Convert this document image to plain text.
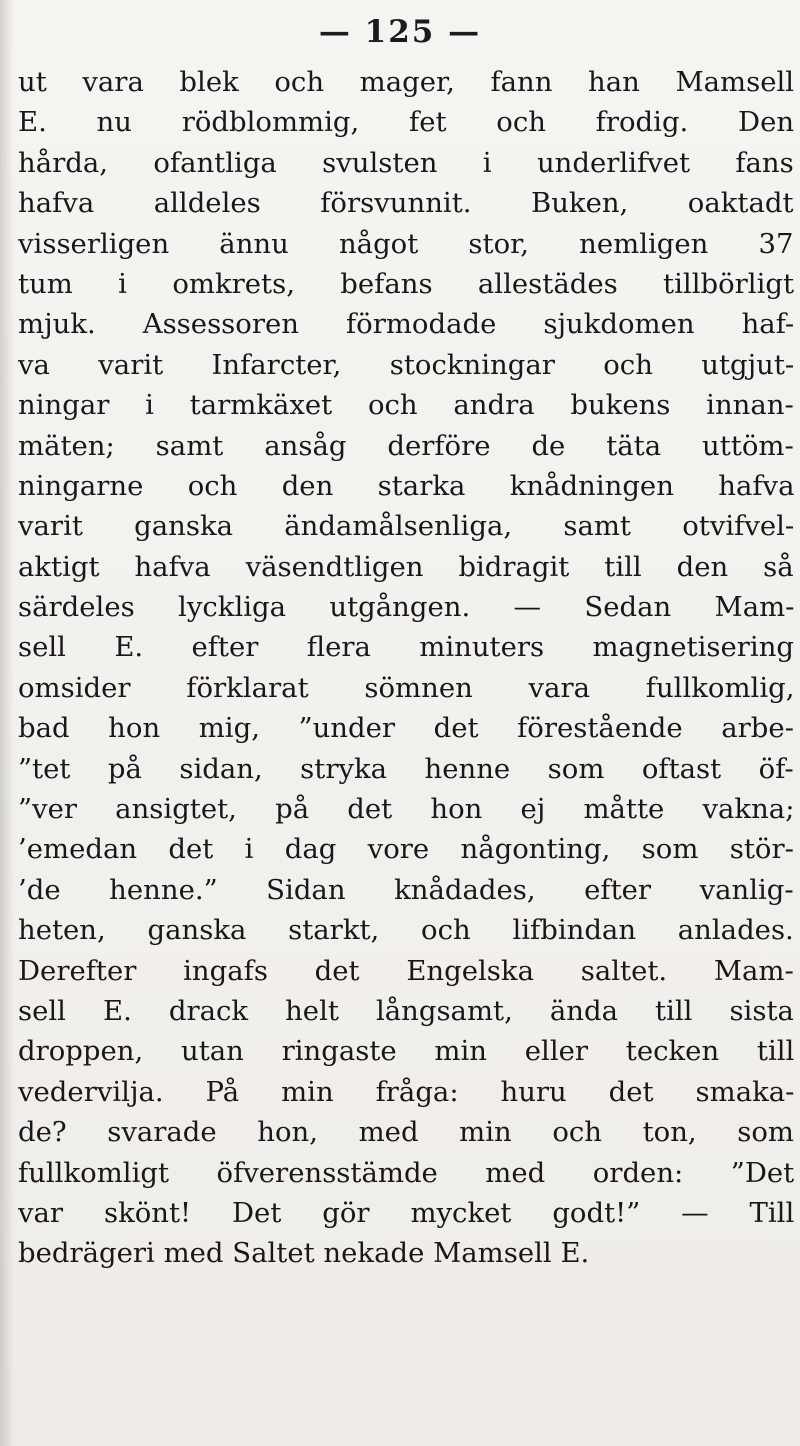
— 125 —
ut vara blek och mager, fann han Mamsell
E. nu rödblommig, fet och frodig. Den
hårda, ofantliga svulsten i underlifvet fans
hafva alldeles försvunnit. Buken, oaktadt
visserligen ännu något stor, nemligen 37
tum i omkrets, befans allestädes tillbörligt
mjuk. Assessoren förmodade sjukdomen haf-
va varit Infarcter, stockningar och utgjut-
ningar i tarmkäxet och andra bukens innan-
mäten; samt ansåg derföre de täta uttöm-
ningarne och den starka knådningen hafva
varit ganska ändamålsenliga, samt otvifvel-
aktigt hafva väsendtligen bidragit till den så
särdeles lyckliga utgången. — Sedan Mam-
sell E. efter flera minuters magnetisering
omsider förklarat sömnen vara fullkomlig,
bad hon mig, ”under det förestående arbe-
”tet på sidan, stryka henne som oftast öf-
”ver ansigtet, på det hon ej måtte vakna;
’emedan det i dag vore någonting, som stör-
’de henne.” Sidan knådades, efter vanlig-
heten, ganska starkt, och lifbindan anlades.
Derefter ingafs det Engelska saltet. Mam-
sell E. drack helt långsamt, ända till sista
droppen, utan ringaste min eller tecken till
vedervilja. På min fråga: huru det smaka-
de? svarade hon, med min och ton, som
fullkomligt öfverensstämde med orden: ”Det
var skönt! Det gör mycket godt!” — Till
bedrägeri med Saltet nekade Mamsell E.
